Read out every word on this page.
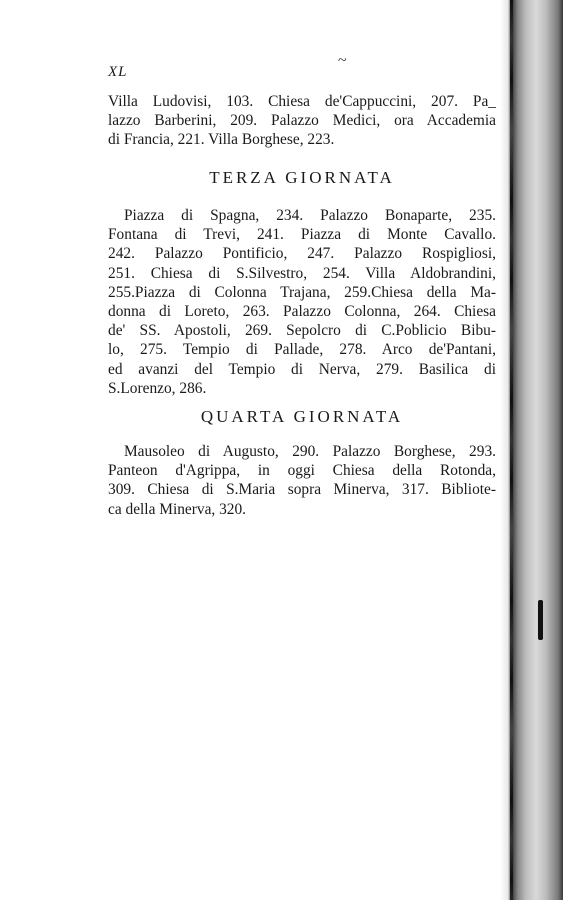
XL
~
Villa Ludovisi, 103. Chiesa de'Cappuccini, 207. Pa_
lazzo Barberini, 209. Palazzo Medici, ora Accademia
di Francia, 221. Villa Borghese, 223.
TERZA GIORNATA
Piazza di Spagna, 234. Palazzo Bonaparte, 235.
Fontana di Trevi, 241. Piazza di Monte Cavallo.
242. Palazzo Pontificio, 247. Palazzo Rospigliosi,
251. Chiesa di S.Silvestro, 254. Villa Aldobrandini,
255.Piazza di Colonna Trajana, 259.Chiesa della Ma-
donna di Loreto, 263. Palazzo Colonna, 264. Chiesa
de' SS. Apostoli, 269. Sepolcro di C.Poblicio Bibu-
lo, 275. Tempio di Pallade, 278. Arco de'Pantani,
ed avanzi del Tempio di Nerva, 279. Basilica di
S.Lorenzo, 286.
QUARTA GIORNATA
Mausoleo di Augusto, 290. Palazzo Borghese, 293.
Panteon d'Agrippa, in oggi Chiesa della Rotonda,
309. Chiesa di S.Maria sopra Minerva, 317. Bibliote-
ca della Minerva, 320.
